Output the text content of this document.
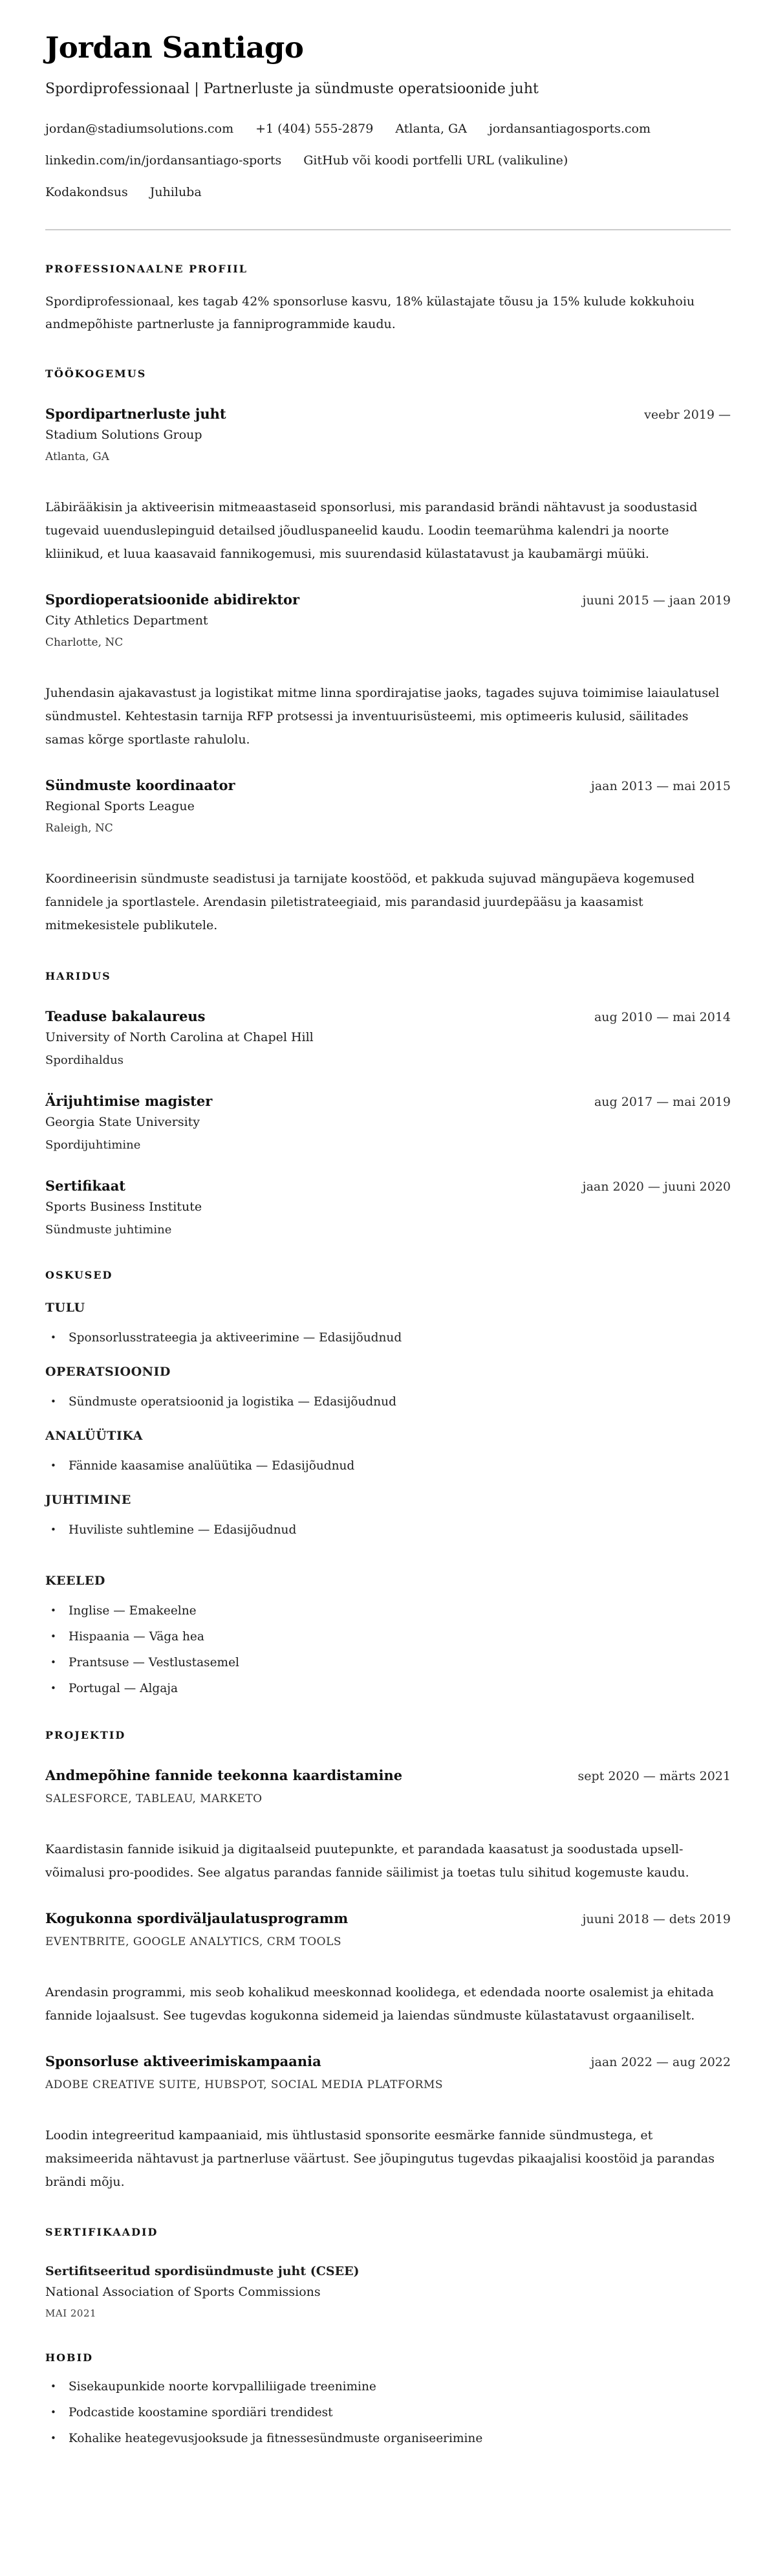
Jordan Santiago
Spordiprofessionaal | Partnerluste ja sündmuste operatsioonide juht
jordan@stadiumsolutions.com +1 (404) 555-2879 Atlanta, GA jordansantiagosports.com
linkedin.com/in/jordansantiago-sports GitHub või koodi portfelli URL (valikuline)
Kodakondsus Juhiluba
PROFESSIONAALNE PROFIIL

Spordiprofessionaal, kes tagab 42% sponsorluse kasvu, 18% külastajate tõusu ja 15% kulude kokkuhoiu andmepõhiste partnerluste ja fanniprogrammide kaudu.

TÖÖKOGEMUS
Spordipartnerluste juht	veebr 2019 —
Stadium Solutions Group
Atlanta, GA

Läbirääkisin ja aktiveerisin mitmeaastaseid sponsorlusi, mis parandasid brändi nähtavust ja soodustasid tugevaid uuenduslepinguid detailsed jõudluspaneelid kaudu. Loodin teemarühma kalendri ja noorte kliinikud, et luua kaasavaid fannikogemusi, mis suurendasid külastatavust ja kaubamärgi müüki.

Spordioperatsioonide abidirektor	juuni 2015 — jaan 2019
City Athletics Department
Charlotte, NC

Juhendasin ajakavastust ja logistikat mitme linna spordirajatise jaoks, tagades sujuva toimimise laiaulatusel sündmustel. Kehtestasin tarnija RFP protsessi ja inventuurisüsteemi, mis optimeeris kulusid, säilitades samas kõrge sportlaste rahulolu.

Sündmuste koordinaator	jaan 2013 — mai 2015
Regional Sports League
Raleigh, NC

Koordineerisin sündmuste seadistusi ja tarnijate koostööd, et pakkuda sujuvad mängupäeva kogemused fannidele ja sportlastele. Arendasin piletistrateegiaid, mis parandasid juurdepääsu ja kaasamist mitmekesistele publikutele.

HARIDUS
Teaduse bakalaureus	aug 2010 — mai 2014
University of North Carolina at Chapel Hill
Spordihaldus
Ärijuhtimise magister	aug 2017 — mai 2019
Georgia State University
Spordijuhtimine
Sertifikaat	jaan 2020 — juuni 2020
Sports Business Institute
Sündmuste juhtimine
OSKUSED
TULU
• Sponsorlusstrateegia ja aktiveerimine — Edasijõudnud
OPERATSIOONID
• Sündmuste operatsioonid ja logistika — Edasijõudnud
ANALÜÜTIKA
• Fännide kaasamise analüütika — Edasijõudnud
JUHTIMINE
• Huviliste suhtlemine — Edasijõudnud
KEELED
• Inglise — Emakeelne
• Hispaania — Väga hea
• Prantsuse — Vestlustasemel
• Portugal — Algaja
PROJEKTID
Andmepõhine fannide teekonna kaardistamine	sept 2020 — märts 2021
SALESFORCE, TABLEAU, MARKETO

Kaardistasin fannide isikuid ja digitaalseid puutepunkte, et parandada kaasatust ja soodustada upsell-võimalusi pro-poodides. See algatus parandas fannide säilimist ja toetas tulu sihitud kogemuste kaudu.

Kogukonna spordiväljaulatusprogramm	juuni 2018 — dets 2019
EVENTBRITE, GOOGLE ANALYTICS, CRM TOOLS

Arendasin programmi, mis seob kohalikud meeskonnad koolidega, et edendada noorte osalemist ja ehitada fannide lojaalsust. See tugevdas kogukonna sidemeid ja laiendas sündmuste külastatavust orgaaniliselt.

Sponsorluse aktiveerimiskampaania	jaan 2022 — aug 2022
ADOBE CREATIVE SUITE, HUBSPOT, SOCIAL MEDIA PLATFORMS

Loodin integreeritud kampaaniaid, mis ühtlustasid sponsorite eesmärke fannide sündmustega, et maksimeerida nähtavust ja partnerluse väärtust. See jõupingutus tugevdas pikaajalisi koostöid ja parandas brändi mõju.

SERTIFIKAADID
Sertifitseeritud spordisündmuste juht (CSEE)
National Association of Sports Commissions
MAI 2021
HOBID
• Sisekaupunkide noorte korvpalliliigade treenimine
• Podcastide koostamine spordiäri trendidest
• Kohalike heategevusjooksude ja fitnessesündmuste organiseerimine
